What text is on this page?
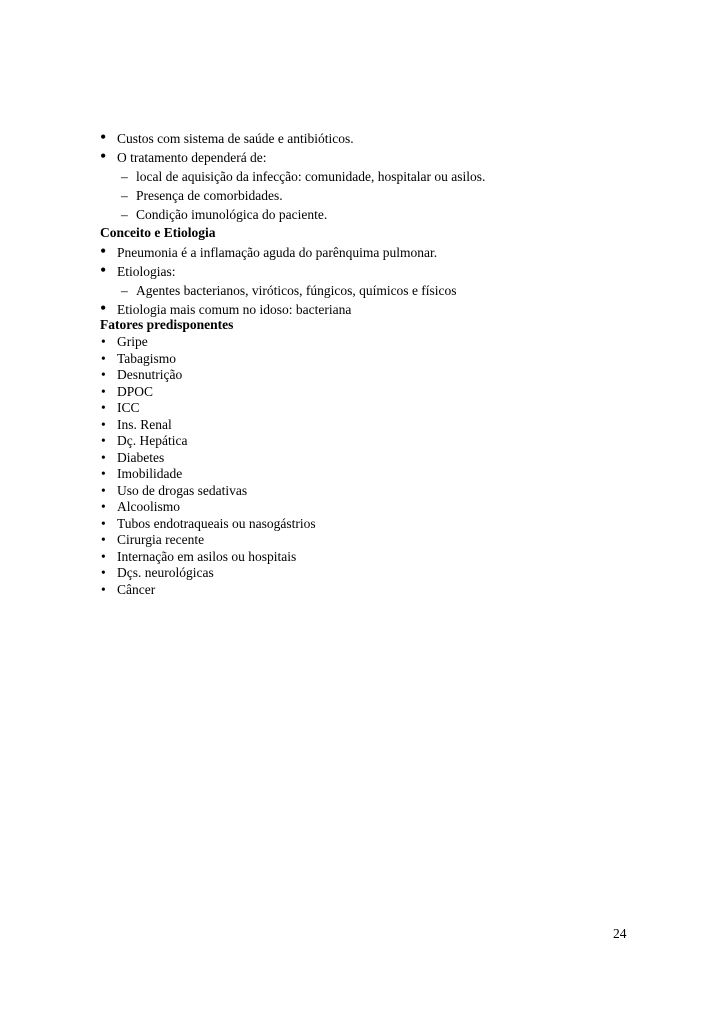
• Custos com sistema de saúde e antibióticos.
• O tratamento dependerá de:
– local de aquisição da infecção: comunidade, hospitalar ou asilos.
– Presença de comorbidades.
– Condição imunológica do paciente.
Conceito e Etiologia
• Pneumonia é a inflamação aguda do parênquima pulmonar.
• Etiologias:
– Agentes bacterianos, viróticos, fúngicos, químicos e físicos
• Etiologia mais comum no idoso: bacteriana
Fatores predisponentes
• Gripe
• Tabagismo
• Desnutrição
• DPOC
• ICC
• Ins. Renal
• Dç. Hepática
• Diabetes
• Imobilidade
• Uso de drogas sedativas
• Alcoolismo
• Tubos endotraqueais ou nasogástrios
• Cirurgia recente
• Internação em asilos ou hospitais
• Dçs. neurológicas
• Câncer
24
